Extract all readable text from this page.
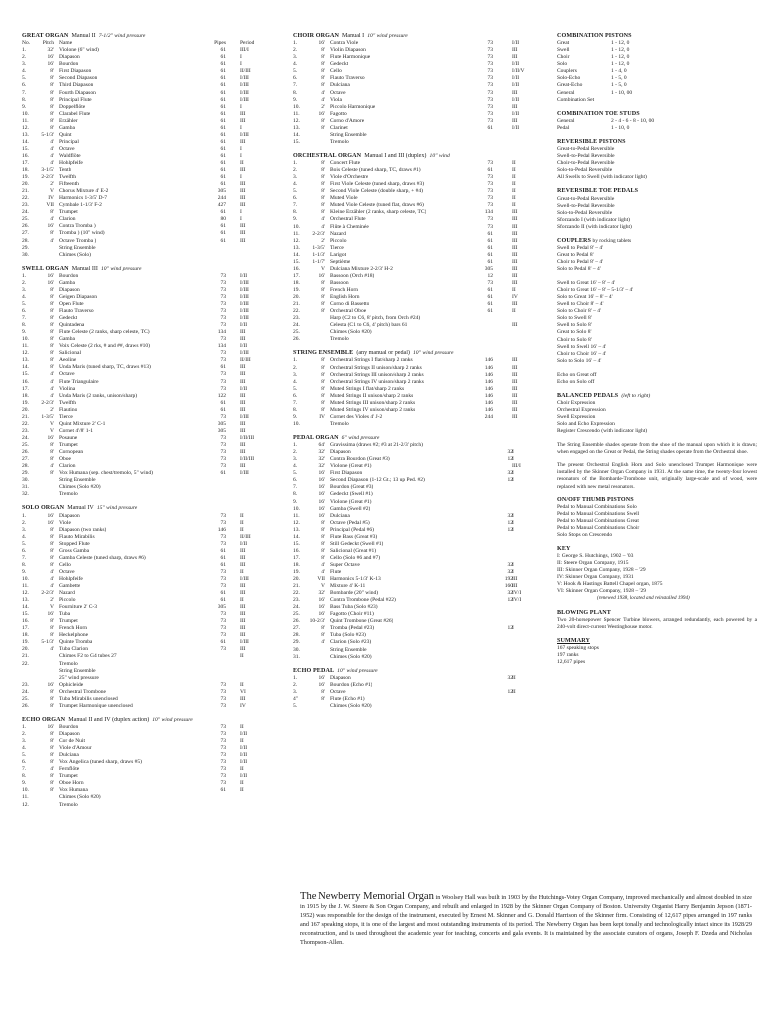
GREAT ORGAN Manual II 7-1/2" wind pressure
No.	Pitch Name	Pipes	Period
1.	32' Violone (6" wind)	61	III/I
2.	16' Diapason	61	I
3.	16' Bourdon	61	I
4.	8' First Diapason	61	II/III
5.	8' Second Diapason	61	I/III
6.	8' Third Diapason	61	I/III
7.	8' Fourth Diapason	61	I/III
8.	8' Principal Flute	61	I/III
9.	8' Doppelflöte	61	I
10.	8' Clarabel Flute	61	III
11.	8' Erzähler	61	III
12.	8' Gamba	61	I
13.	5-1/3' Quint	61	I/III
14.	4' Principal	61	III
15.	4' Octave	61	I
16.	4' Waldflöte	61	I
17.	4' Hohlpfeife	61	II
18.	3-1/5' Tenth	61	III
19.	2-2/3' Twelfth	61	I
20.	2' Fifteenth	61	III
21.	V Chorus Mixture 4' E-2	305	III
22.	IV Harmonics 1-3/5' D-7	244	III
23.	VII Cymbale 1-1/3' F-2	427	III
24.	8' Trumpet	61	I
25.	4' Clarion	80	I
26.	16' Contra Tromba )	61	III
27.	8' Tromba ) (10" wind)	61	III
28.	4' Octave Tromba )	61	III
29.	String Ensemble
30.	Chimes (Solo)
SWELL ORGAN Manual III 10" wind pressure
1.	16' Bourdon	73	I/II
2.	16' Gamba	73	I/III
3.	8' Diapason	73	I/III
4.	8' Geigen Diapason	73	I/III
5.	8' Open Flute	73	I/III
6.	8' Flauto Traverso	73	I/III
7.	8' Gedeckt	73	I/III
8.	8' Quintadena	73	I/II
9.	8' Flute Celeste (2 ranks, sharp celeste, TC)	134	III
10.	8' Gamba	73	III
11.	8' Voix Celeste (2 rks, # and ##, draws #10)	134	I/II
12.	8' Salicional	73	I/III
13.	8' Aeoline	73	II/III
14.	8' Unda Maris (tuned sharp, TC, draws #13)	61	III
15.	4' Octave	73	III
16.	4' Flute Triangulaire	73	III
17.	4' Violina	73	I/II
18.	4' Unda Maris (2 ranks, unison/sharp)	122	III
19.	2-2/3' Twelfth	61	III
20.	2' Flautino	61	III
21.	1-3/5' Tierce	73	I/III
22.	V Quint Mixture 2' C-1	305	III
23.	V Cornet 4'/8' 1-1	305	III
24.	16' Posaune	73	I/II/III
25.	8' Trumpet	73	III
26.	8' Cornopean	73	III
27.	8' Oboe	73	I/II/III
28.	4' Clarion	73	III
29.	8' Vox Humana (sep. chest/tremolo, 5" wind)	61	I/III
30.	String Ensemble
31.	Chimes (Solo #20)
32.	Tremolo
SOLO ORGAN Manual IV 15" wind pressure
1.	16' Diapason	73	II
2.	16' Viole	73	II
3.	8' Diapason (two ranks)	146	II
4.	8' Flauto Mirabilis	73	II/III
5.	8' Stopped Flute	73	I/II
6.	8' Gross Gamba	61	III
7.	8' Gamba Celeste (tuned sharp, draws #6)	61	III
8.	8' Cello	61	III
9.	4' Octave	73	II
10.	4' Hohlpfeife	73	I/III
11.	4' Gambette	73	III
12.	2-2/3' Nazard	61	III
13.	2' Piccolo	61	II
14.	V Fourniture 2' C-3	305	III
15.	16' Tuba	73	III
16.	8' Trumpet	73	III
17.	8' French Horn	73	III
18.	8' Heckelphone	73	III
19.	5-1/3' Quinte Tromba	61	I/III
20.	4' Tuba Clarion	73	III
21.	Chimes F2 to G4 tubes 27	II
22.	Tremolo
String Ensemble
25" wind pressure
23.	16' Ophicleide	73	II
24.	8' Orchestral Trombone	73	VI
25.	8' Tuba Mirabilis unenclosed	73	III
26.	8' Trumpet Harmonique unenclosed	73	IV
ECHO ORGAN Manual II and IV (duplex action) 10" wind pressure
1.	16' Bourdon	73	II
2.	8' Diapason	73	I/II
3.	8' Cor de Nuit	73	II
4.	8' Viole d'Amour	73	I/II
5.	8' Dulciana	73	I/II
6.	8' Vox Angelica (tuned sharp, draws #5)	73	I/II
7.	4' Fernflöte	73	II
8.	8' Trumpet	73	I/II
9.	8' Oboe Horn	73	II
10.	8' Vox Humana	61	II
11.	Chimes (Solo #20)
12.	Tremolo
CHOIR ORGAN Manual I 10" wind pressure
1.	16' Contra Viole	73	I/II
2.	8' Violin Diapason	73	III
3.	8' Flute Harmonique	73	III
4.	8' Gedeckt	73	I/II
5.	8' Cello	73	I/II/V
6.	8' Flauto Traverso	73	I/II
7.	8' Dulciana	73	I/II
8.	4' Octave	73	III
9.	4' Viola	73	I/II
10.	2' Piccolo Harmonique	73	III
11.	16' Fagotto	73	I/II
12.	8' Corno d'Amore	73	III
13.	8' Clarinet	61	I/II
14.	String Ensemble
15.	Tremolo
ORCHESTRAL ORGAN Manual I and III (duplex) 10" wind
1.	8' Concert Flute	73	II
2.	8' Bois Celeste (tuned sharp, TC, draws #1)	61	II
3.	8' Viole d'Orchestre	73	II
4.	8' First Viole Celeste (tuned sharp, draws #3)	73	II
5.	8' Second Viole Celeste (double sharp, + #4)	73	II
6.	8' Muted Viole	73	II
7.	8' Muted Viole Celeste (tuned flat, draws #6)	73	II
8.	8' Kleine Erzähler (2 ranks, sharp celeste, TC)	134	III
9.	4' Orchestral Flute	73	III
10.	4' Flûte à Cheminée	73	III
11.	2-2/3' Nazard	61	III
12.	2' Piccolo	61	III
13.	1-3/5' Tierce	61	III
14.	1-1/3' Larigot	61	III
15.	1-1/7' Septième	61	III
16.	V Dulciana Mixture 2-2/3' H-2	305	III
17.	16' Bassoon (Orch #18)	12	III
18.	8' Bassoon	73	III
19.	8' French Horn	61	II
20.	8' English Horn	61	IV
21.	8' Corno di Bassetto	61	III
22.	8' Orchestral Oboe	61	II
23.	Harp (C2 to C6, 8' pitch, from Orch #24)
24.	Celesta (C1 to C6, 4' pitch) bars 61	III
25.	Chimes (Solo #20)
26.	Tremolo
STRING ENSEMBLE (any manual or pedal) 10" wind pressure
1.	8' Orchestral Strings I flat/sharp 2 ranks	146	III
2.	8' Orchestral Strings II unison/sharp 2 ranks	146	III
3.	8' Orchestral Strings III unison/sharp 2 ranks	146	III
4.	8' Orchestral Strings IV unison/sharp 2 ranks	146	III
5.	8' Muted Strings I flat/sharp 2 ranks	146	III
6.	8' Muted Strings II unison/sharp 2 ranks	146	III
7.	8' Muted Strings III unison/sharp 2 ranks	146	III
8.	8' Muted Strings IV unison/sharp 2 ranks	146	III
9.	IV Cornet des Violes 4' J-2	244	III
10.	Tremolo
PEDAL ORGAN 6" wind pressure
1.	64' Gravissima (draws #2; #3 at 21-2/3' pitch)
2.	32' Diapason	32 I
3.	32' Contra Bourdon (Great #3)	12 I
4.	32' Violone (Great #1)	III/I
5.	16' First Diapason	32 I
6.	16' Second Diapason (1-12 Gt.; 13 up Ped. #2)	12 I
7.	16' Bourdon (Great #3)
8.	16' Gedeckt (Swell #1)
9.	16' Violone (Great #1)
10.	16' Gamba (Swell #2)
11.	16' Dulciana	32 I
12.	8' Octave (Pedal #5)	12 I
13.	8' Principal (Pedal #6)	12 I
14.	8' Flute Bass (Great #3)
15.	8' Still Gedeckt (Swell #1)
16.	8' Salicional (Great #1)
17.	8' Cello (Solo #6 and #7)
18.	4' Super Octave	32 I
19.	4' Flute	32 I
20.	VII Harmonics 5-1/3' K-13	192 III
21.	V Mixture 4' K-11	160 III
22.	32' Bombarde (20" wind)	32 IV/I
23.	16' Contra Trombone (Pedal #22)	12 IV/I
24.	16' Bass Tuba (Solo #23)
25.	16' Fagotto (Choir #11)
26.	10-2/3' Quint Trombone (Great #26)
27.	8' Tromba (Pedal #23)	12 I
28.	8' Tuba (Solo #23)
29.	4' Clarion (Solo #23)
30.	String Ensemble
31.	Chimes (Solo #20)
ECHO PEDAL 10" wind pressure
1.	16' Diapason	32 II
2.	16' Bourdon (Echo #1)
3.	8' Octave	12 II
4"	8' Flute (Echo #1)
5.	Chimes (Solo #20)
COMBINATION PISTONS
Great	1 - 12, 0
Swell	1 - 12, 0
Choir	1 - 12, 0
Solo	1 - 12, 0
Couplers	1 - 4, 0
Solo-Echo	1 - 5, 0
Great-Echo	1 - 5, 0
General	1 - 10, 00
Combination Set
COMBINATION TOE STUDS
General	2 - 4 - 6 - 8 - 10, 00
Pedal	1 - 10, 0
REVERSIBLE PISTONS
Great-to-Pedal Reversible
Swell-to-Pedal Reversible
Choir-to-Pedal Reversible
Solo-to-Pedal Reversible
All Swells to Swell (with indicator light)
REVERSIBLE TOE PEDALS
Great-to-Pedal Reversible
Swell-to-Pedal Reversible
Solo-to-Pedal Reversible
Sforzando I (with indicator light)
Sforzando II (with indicator light)
COUPLERS by rocking tablets
Swell to Pedal 8' – 4'
Great to Pedal 8'
Choir to Pedal 8' – 4'
Solo to Pedal 8' – 4'
Swell to Great 16' – 8' – 4'
Choir to Great 16' – 8' – 5-1/3' – 4'
Solo to Great 16' – 8' – 4'
Swell to Choir 8' – 4'
Solo to Choir 8' – 4'
Solo to Swell 8'
Swell to Solo 8'
Great to Solo 8'
Choir to Solo 8'
Swell to Swell 16' – 4'
Choir to Choir 16' – 4'
Solo to Solo 16' – 4'
Echo on Great off
Echo on Solo off
BALANCED PEDALS (left to right)
Choir Expression
Orchestral Expression
Swell Expression
Solo and Echo Expression
Register Crescendo (with indicator light)
The String Ensemble shades operate from the shoe of the manual upon which it is drawn; when engaged on the Great or Pedal, the String shades operate from the Orchestral shoe.
The present Orchestral English Horn and Solo unenclosed Trumpet Harmonique were installed by the Skinner Organ Company in 1931. At the same time, the twenty-four lowest resonators of the Bombarde-Trombone unit, originally large-scale and of wood, were replaced with new metal resonators.
ON/OFF THUMB PISTONS
Pedal to Manual Combinations Solo
Pedal to Manual Combinations Swell
Pedal to Manual Combinations Great
Pedal to Manual Combinations Choir
Solo Stops on Crescendo
KEY
I: George S. Hutchings, 1902 – '03
II: Steere Organ Company, 1915
III: Skinner Organ Company, 1928 – '29
IV: Skinner Organ Company, 1931
V: Hook & Hastings Battell Chapel organ, 1875
VI: Skinner Organ Company, 1928 – '29
(renewed 1938, located and reinstalled 1994)
BLOWING PLANT
Two 20-horsepower Spencer Turbine blowers, arranged redundantly, each powered by a 240-volt direct-current Westinghouse motor.
SUMMARY
167 speaking stops
197 ranks
12,617 pipes
The Newberry Memorial Organ in Woolsey Hall was built in 1903 by the Hutchings-Votey Organ Company, improved mechanically and almost doubled in size in 1915 by the J. W. Steere & Son Organ Company, and rebuilt and enlarged in 1928 by the Skinner Organ Company of Boston. University Organist Harry Benjamin Jepson (1871-1952) was responsible for the design of the instrument, executed by Ernest M. Skinner and G. Donald Harrison of the Skinner firm. Consisting of 12,617 pipes arranged in 197 ranks and 167 speaking stops, it is one of the largest and most outstanding instruments of its period. The Newberry Organ has been kept tonally and technologically intact since its 1928/29 reconstruction, and is used throughout the academic year for teaching, concerts and gala events. It is maintained by the associate curators of organs, Joseph F. Dzeda and Nicholas Thompson-Allen.
